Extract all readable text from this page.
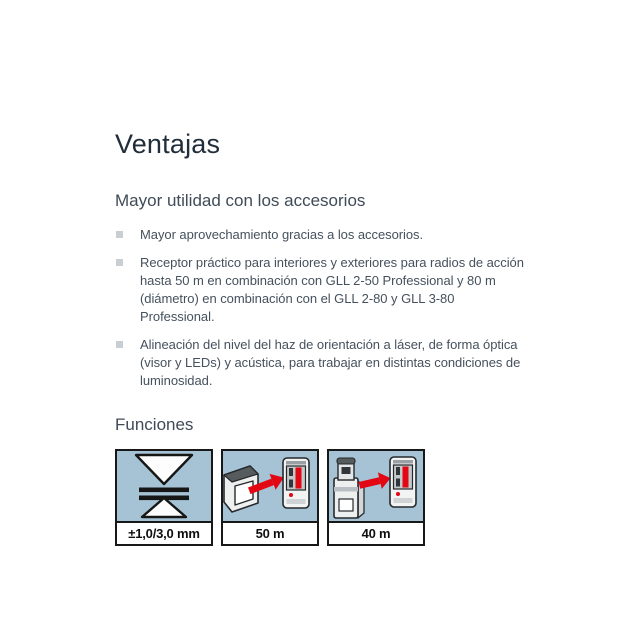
Ventajas
Mayor utilidad con los accesorios
Mayor aprovechamiento gracias a los accesorios.
Receptor práctico para interiores y exteriores para radios de acción hasta 50 m en combinación con GLL 2-50 Professional y 80 m (diámetro) en combinación con el GLL 2-80 y GLL 3-80 Professional.
Alineación del nivel del haz de orientación a láser, de forma óptica (visor y LEDs) y acústica, para trabajar en distintas condiciones de luminosidad.
Funciones
±1,0/3,0 mm	50 m	40 m
